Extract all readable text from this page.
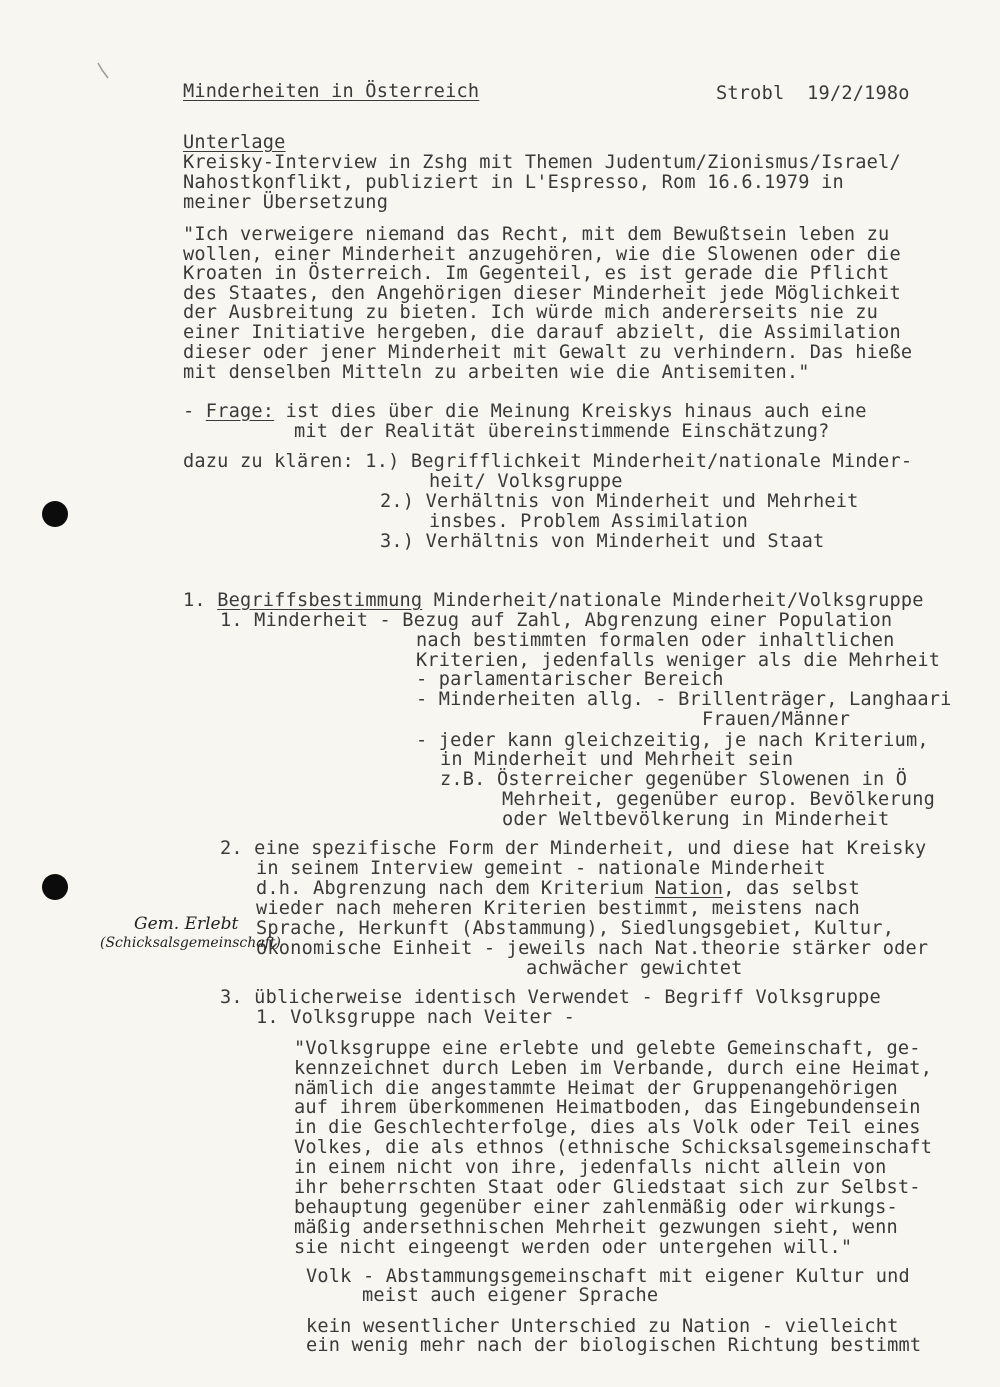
Minderheiten in Österreich	Strobl  19/2/198o
Unterlage
Kreisky-Interview in Zshg mit Themen Judentum/Zionismus/Israel/
Nahostkonflikt, publiziert in L'Espresso, Rom 16.6.1979 in
meiner Übersetzung
"Ich verweigere niemand das Recht, mit dem Bewußtsein leben zu
wollen, einer Minderheit anzugehören, wie die Slowenen oder die
Kroaten in Österreich. Im Gegenteil, es ist gerade die Pflicht
des Staates, den Angehörigen dieser Minderheit jede Möglichkeit
der Ausbreitung zu bieten. Ich würde mich andererseits nie zu
einer Initiative hergeben, die darauf abzielt, die Assimilation
dieser oder jener Minderheit mit Gewalt zu verhindern. Das hieße
mit denselben Mitteln zu arbeiten wie die Antisemiten."
- Frage: ist dies über die Meinung Kreiskys hinaus auch eine
mit der Realität übereinstimmende Einschätzung?
dazu zu klären: 1.) Begrifflichkeit Minderheit/nationale Minder-
heit/ Volksgruppe
2.) Verhältnis von Minderheit und Mehrheit
insbes. Problem Assimilation
3.) Verhältnis von Minderheit und Staat
1. Begriffsbestimmung Minderheit/nationale Minderheit/Volksgruppe
1. Minderheit - Bezug auf Zahl, Abgrenzung einer Population
nach bestimmten formalen oder inhaltlichen
Kriterien, jedenfalls weniger als die Mehrheit
- parlamentarischer Bereich
- Minderheiten allg. - Brillenträger, Langhaari
Frauen/Männer
- jeder kann gleichzeitig, je nach Kriterium,
in Minderheit und Mehrheit sein
z.B. Österreicher gegenüber Slowenen in Ö
Mehrheit, gegenüber europ. Bevölkerung
oder Weltbevölkerung in Minderheit
2. eine spezifische Form der Minderheit, und diese hat Kreisky
in seinem Interview gemeint - nationale Minderheit
d.h. Abgrenzung nach dem Kriterium Nation, das selbst
wieder nach meheren Kriterien bestimmt, meistens nach
Sprache, Herkunft (Abstammung), Siedlungsgebiet, Kultur,
ökonomische Einheit - jeweils nach Nat.theorie stärker oder
achwächer gewichtet
Gem. Erlebt
(Schicksalsgemeinschaft)
3. üblicherweise identisch Verwendet - Begriff Volksgruppe
1. Volksgruppe nach Veiter -
"Volksgruppe eine erlebte und gelebte Gemeinschaft, ge-
kennzeichnet durch Leben im Verbande, durch eine Heimat,
nämlich die angestammte Heimat der Gruppenangehörigen
auf ihrem überkommenen Heimatboden, das Eingebundensein
in die Geschlechterfolge, dies als Volk oder Teil eines
Volkes, die als ethnos (ethnische Schicksalsgemeinschaft
in einem nicht von ihre, jedenfalls nicht allein von
ihr beherrschten Staat oder Gliedstaat sich zur Selbst-
behauptung gegenüber einer zahlenmäßig oder wirkungs-
mäßig andersethnischen Mehrheit gezwungen sieht, wenn
sie nicht eingeengt werden oder untergehen will."
Volk - Abstammungsgemeinschaft mit eigener Kultur und
meist auch eigener Sprache
kein wesentlicher Unterschied zu Nation - vielleicht
ein wenig mehr nach der biologischen Richtung bestimmt
